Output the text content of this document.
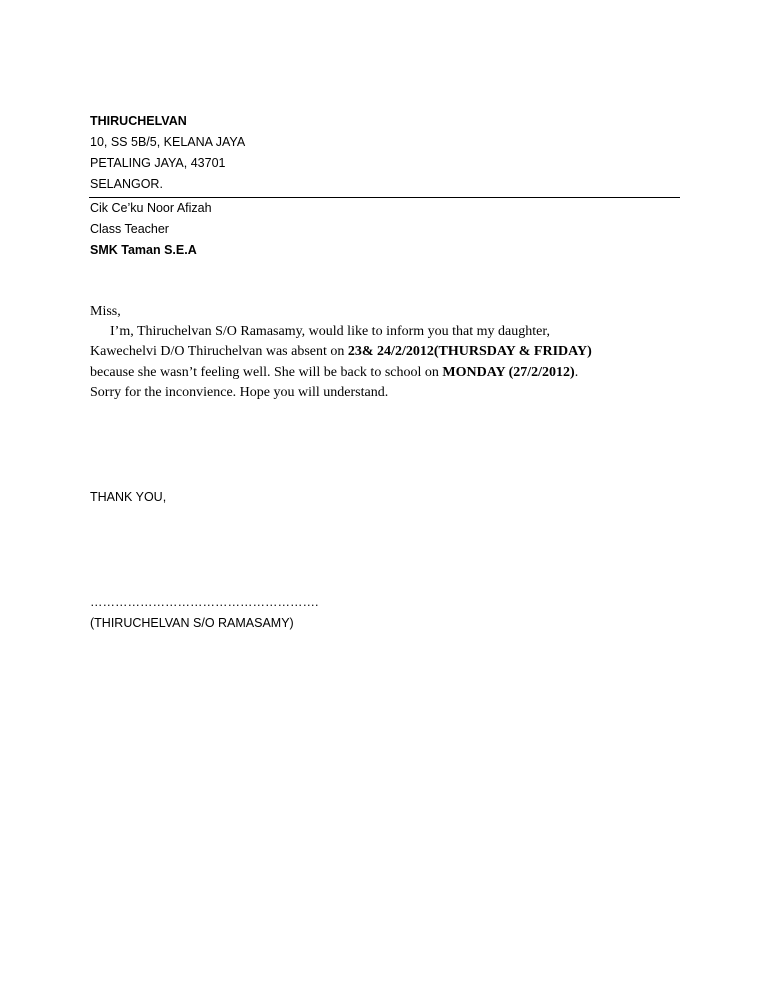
THIRUCHELVAN
10, SS 5B/5, KELANA JAYA
PETALING JAYA, 43701
SELANGOR.
Cik Ce’ku Noor Afizah
Class Teacher
SMK Taman S.E.A
Miss,
I’m, Thiruchelvan S/O Ramasamy, would like to inform you that my daughter,
Kawechelvi D/O Thiruchelvan was absent on 23& 24/2/2012(THURSDAY & FRIDAY)
because she wasn’t feeling well. She will be back to school on MONDAY (27/2/2012).
Sorry for the inconvience. Hope you will understand.
THANK YOU,
……………………………………………….
(THIRUCHELVAN S/O RAMASAMY)
